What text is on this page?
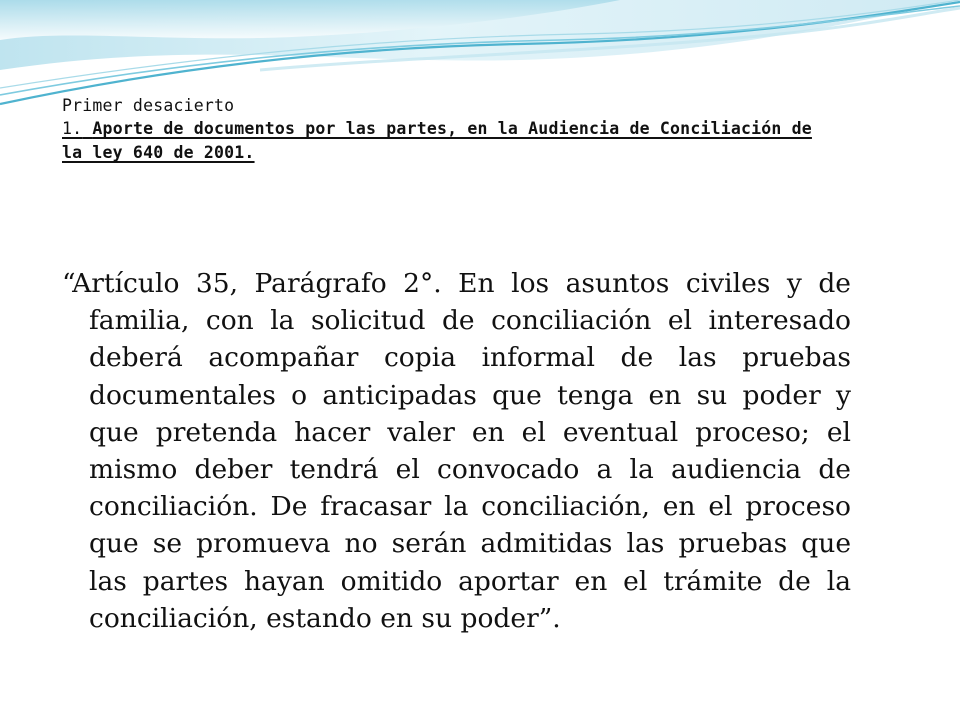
Primer desacierto
1. Aporte de documentos por las partes, en la Audiencia de Conciliación de la ley 640 de 2001.
“Artículo 35, Parágrafo 2°. En los asuntos civiles y de familia, con la solicitud de conciliación el interesado deberá acompañar copia informal de las pruebas documentales o anticipadas que tenga en su poder y que pretenda hacer valer en el eventual proceso; el mismo deber tendrá el convocado a la audiencia de conciliación. De fracasar la conciliación, en el proceso que se promueva no serán admitidas las pruebas que las partes hayan omitido aportar en el trámite de la conciliación, estando en su poder”.
